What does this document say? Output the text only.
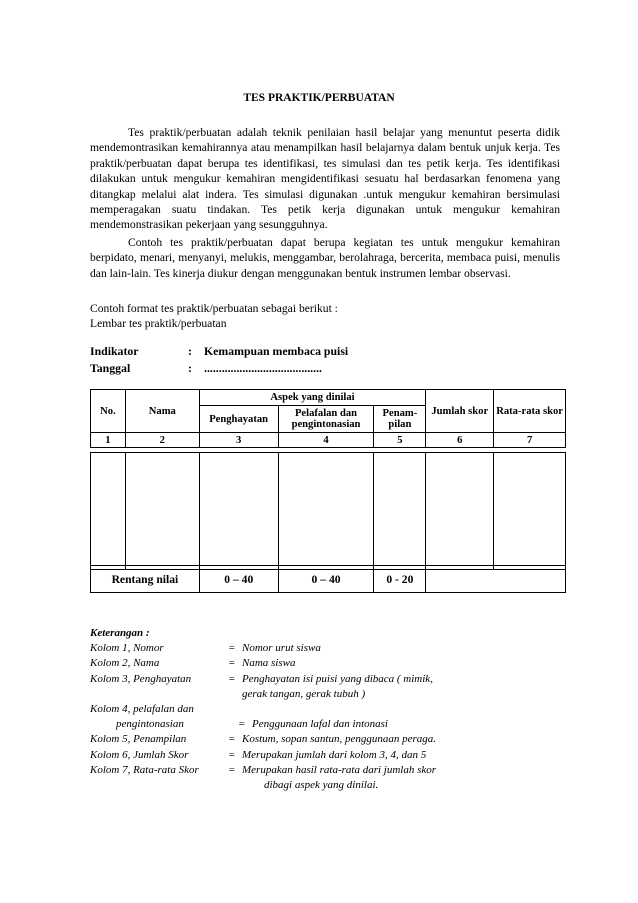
TES PRAKTIK/PERBUATAN

Tes praktik/perbuatan adalah teknik penilaian hasil belajar yang menuntut peserta didik mendemontrasikan kemahirannya atau menampilkan hasil belajarnya dalam bentuk unjuk kerja. Tes praktik/perbuatan dapat berupa tes identifikasi, tes simulasi dan tes petik kerja. Tes identifikasi dilakukan untuk mengukur kemahiran mengidentifikasi sesuatu hal berdasarkan fenomena yang ditangkap melalui alat indera. Tes simulasi digunakan .untuk mengukur kemahiran bersimulasi memperagakan suatu tindakan. Tes petik kerja digunakan untuk mengukur kemahiran mendemonstrasikan pekerjaan yang sesungguhnya.

Contoh tes praktik/perbuatan dapat berupa kegiatan tes untuk mengukur kemahiran berpidato, menari, menyanyi, melukis, menggambar, berolahraga, bercerita, membaca puisi, menulis dan lain-lain. Tes kinerja diukur dengan menggunakan bentuk instrumen lembar observasi.

Contoh format tes praktik/perbuatan sebagai berikut :
Lembar tes praktik/perbuatan
Indikator	: Kemampuan membaca puisi
Tanggal	: ........................................
No.	Nama	Aspek yang dinilai			Jumlah skor	Rata-rata skor
		Penghayatan	Pelafalan dan pengintonasian	Penam-pilan		
1	2	3	4	5	6	7

Rentang nilai	0 – 40	0 – 40	0 - 20	
Keterangan :
Kolom 1, Nomor	= Nomor urut siswa
Kolom 2, Nama	= Nama siswa
Kolom 3, Penghayatan	= Penghayatan isi puisi yang dibaca ( mimik,
gerak tangan, gerak tubuh )
Kolom 4, pelafalan dan
pengintonasian	= Penggunaan lafal dan intonasi
Kolom 5, Penampilan	= Kostum, sopan santun, penggunaan peraga.
Kolom 6, Jumlah Skor	= Merupakan jumlah dari kolom 3, 4, dan 5
Kolom 7, Rata-rata Skor	= Merupakan hasil rata-rata dari jumlah skor
dibagi aspek yang dinilai.
